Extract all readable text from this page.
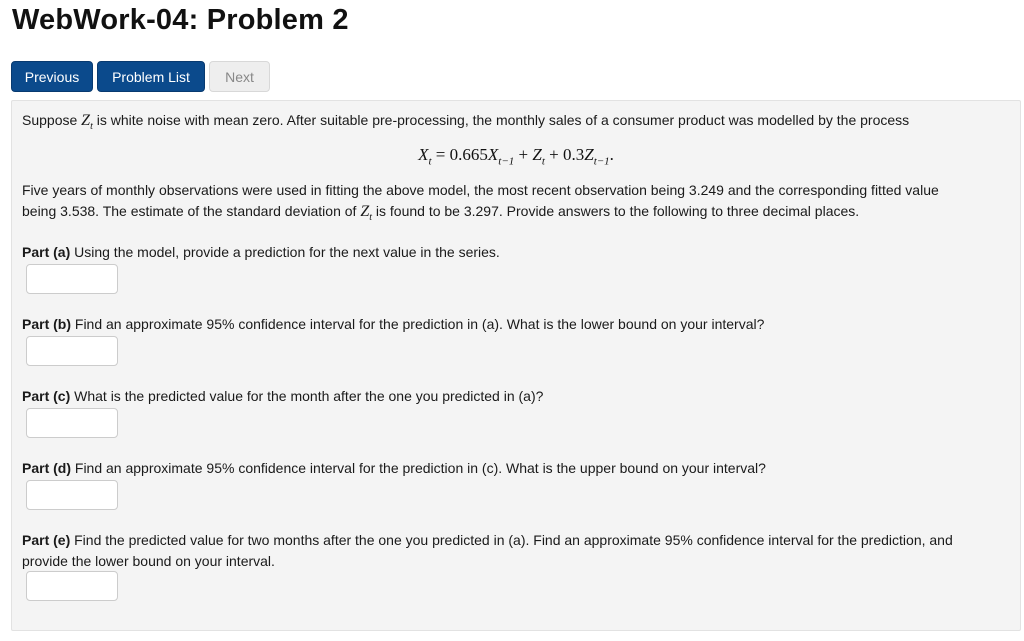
WebWork-04: Problem 2
Previous	Problem List	Next

Suppose $Z_t$ is white noise with mean zero. After suitable pre-processing, the monthly sales of a consumer product was modelled by the process

$X_t = 0.665X_{t-1} + Z_t + 0.3Z_{t-1}$.

Five years of monthly observations were used in fitting the above model, the most recent observation being 3.249 and the corresponding fitted value
being 3.538. The estimate of the standard deviation of $Z_t$ is found to be 3.297. Provide answers to the following to three decimal places.

Part (a) Using the model, provide a prediction for the next value in the series.

Part (b) Find an approximate 95% confidence interval for the prediction in (a). What is the lower bound on your interval?

Part (c) What is the predicted value for the month after the one you predicted in (a)?

Part (d) Find an approximate 95% confidence interval for the prediction in (c). What is the upper bound on your interval?

Part (e) Find the predicted value for two months after the one you predicted in (a). Find an approximate 95% confidence interval for the prediction, and
provide the lower bound on your interval.
